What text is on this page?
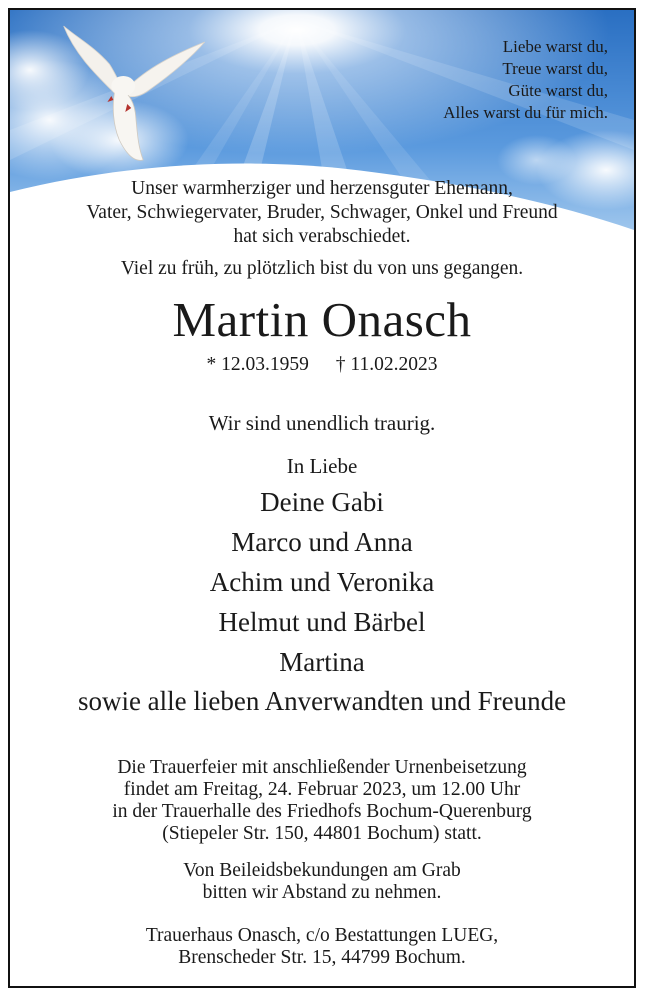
Liebe warst du,
Treue warst du,
Güte warst du,
Alles warst du für mich.
Unser warmherziger und herzensguter Ehemann,
Vater, Schwiegervater, Bruder, Schwager, Onkel und Freund
hat sich verabschiedet.
Viel zu früh, zu plötzlich bist du von uns gegangen.
Martin Onasch
* 12.03.1959 † 11.02.2023
Wir sind unendlich traurig.
In Liebe
Deine Gabi
Marco und Anna
Achim und Veronika
Helmut und Bärbel
Martina
sowie alle lieben Anverwandten und Freunde
Die Trauerfeier mit anschließender Urnenbeisetzung
findet am Freitag, 24. Februar 2023, um 12.00 Uhr
in der Trauerhalle des Friedhofs Bochum-Querenburg
(Stiepeler Str. 150, 44801 Bochum) statt.
Von Beileidsbekundungen am Grab
bitten wir Abstand zu nehmen.
Trauerhaus Onasch, c/o Bestattungen LUEG,
Brenscheder Str. 15, 44799 Bochum.
